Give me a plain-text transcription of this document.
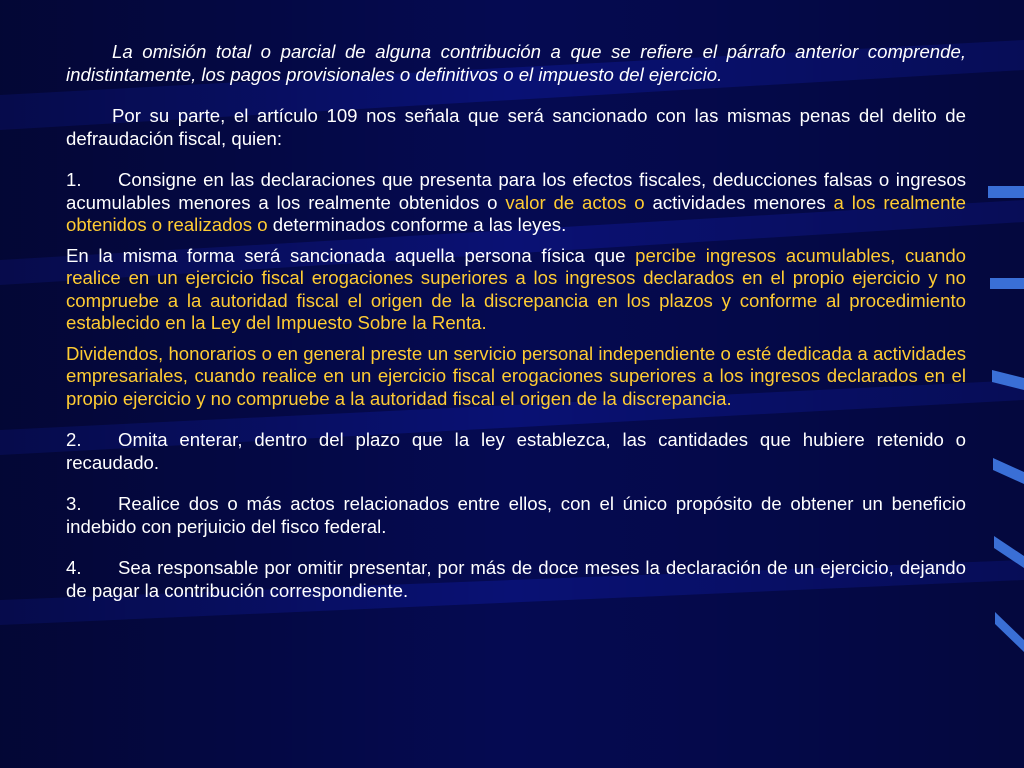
La omisión total o parcial de alguna contribución a que se refiere el párrafo anterior comprende, indistintamente, los pagos provisionales o definitivos o el impuesto del ejercicio.

Por su parte, el artículo 109 nos señala que será sancionado con las mismas penas del delito de defraudación fiscal, quien:

1. Consigne en las declaraciones que presenta para los efectos fiscales, deducciones falsas o ingresos acumulables menores a los realmente obtenidos o valor de actos o actividades menores a los realmente obtenidos o realizados o determinados conforme a las leyes.

En la misma forma será sancionada aquella persona física que percibe ingresos acumulables, cuando realice en un ejercicio fiscal erogaciones superiores a los ingresos declarados en el propio ejercicio y no compruebe a la autoridad fiscal el origen de la discrepancia en los plazos y conforme al procedimiento establecido en la Ley del Impuesto Sobre la Renta.

Dividendos, honorarios o en general preste un servicio personal independiente o esté dedicada a actividades empresariales, cuando realice en un ejercicio fiscal erogaciones superiores a los ingresos declarados en el propio ejercicio y no compruebe a la autoridad fiscal el origen de la discrepancia.

2. Omita enterar, dentro del plazo que la ley establezca, las cantidades que hubiere retenido o recaudado.

3. Realice dos o más actos relacionados entre ellos, con el único propósito de obtener un beneficio indebido con perjuicio del fisco federal.

4. Sea responsable por omitir presentar, por más de doce meses la declaración de un ejercicio, dejando de pagar la contribución correspondiente.
